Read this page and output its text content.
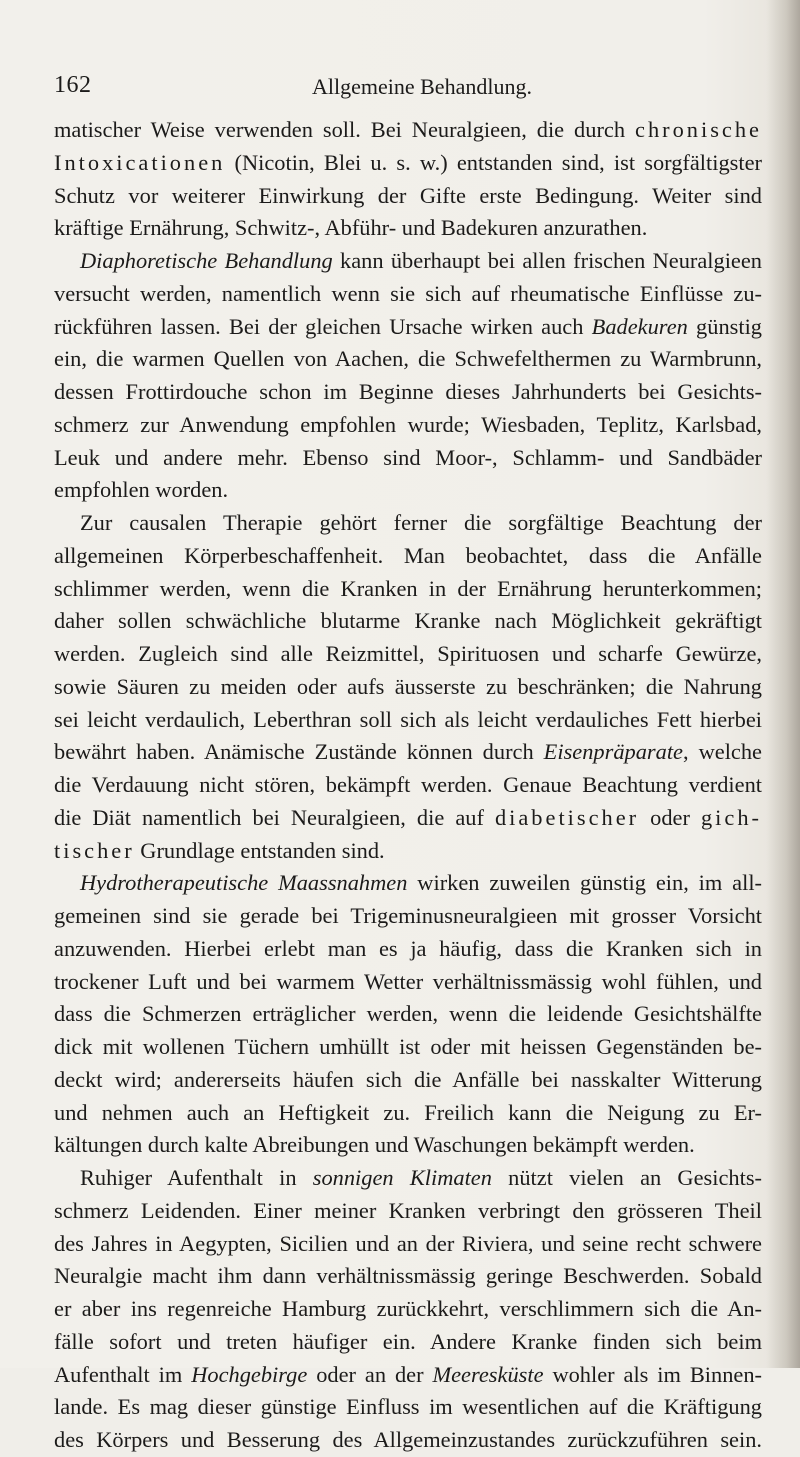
162	Allgemeine Behandlung.
matischer Weise verwenden soll. Bei Neuralgieen, die durch chronische
Intoxicationen (Nicotin, Blei u. s. w.) entstanden sind, ist sorgfältigster
Schutz vor weiterer Einwirkung der Gifte erste Bedingung. Weiter sind
kräftige Ernährung, Schwitz-, Abführ- und Badekuren anzurathen.
Diaphoretische Behandlung kann überhaupt bei allen frischen Neuralgieen
versucht werden, namentlich wenn sie sich auf rheumatische Einflüsse zu-
rückführen lassen. Bei der gleichen Ursache wirken auch Badekuren günstig
ein, die warmen Quellen von Aachen, die Schwefelthermen zu Warmbrunn,
dessen Frottirdouche schon im Beginne dieses Jahrhunderts bei Gesichts-
schmerz zur Anwendung empfohlen wurde; Wiesbaden, Teplitz, Karlsbad,
Leuk und andere mehr. Ebenso sind Moor-, Schlamm- und Sandbäder
empfohlen worden.
Zur causalen Therapie gehört ferner die sorgfältige Beachtung der
allgemeinen Körperbeschaffenheit. Man beobachtet, dass die Anfälle
schlimmer werden, wenn die Kranken in der Ernährung herunterkommen;
daher sollen schwächliche blutarme Kranke nach Möglichkeit gekräftigt
werden. Zugleich sind alle Reizmittel, Spirituosen und scharfe Gewürze,
sowie Säuren zu meiden oder aufs äusserste zu beschränken; die Nahrung
sei leicht verdaulich, Leberthran soll sich als leicht verdauliches Fett hierbei
bewährt haben. Anämische Zustände können durch Eisenpräparate, welche
die Verdauung nicht stören, bekämpft werden. Genaue Beachtung verdient
die Diät namentlich bei Neuralgieen, die auf diabetischer oder gich-
tischer Grundlage entstanden sind.
Hydrotherapeutische Maassnahmen wirken zuweilen günstig ein, im all-
gemeinen sind sie gerade bei Trigeminusneuralgieen mit grosser Vorsicht
anzuwenden. Hierbei erlebt man es ja häufig, dass die Kranken sich in
trockener Luft und bei warmem Wetter verhältnissmässig wohl fühlen, und
dass die Schmerzen erträglicher werden, wenn die leidende Gesichtshälfte
dick mit wollenen Tüchern umhüllt ist oder mit heissen Gegenständen be-
deckt wird; andererseits häufen sich die Anfälle bei nasskalter Witterung
und nehmen auch an Heftigkeit zu. Freilich kann die Neigung zu Er-
kältungen durch kalte Abreibungen und Waschungen bekämpft werden.
Ruhiger Aufenthalt in sonnigen Klimaten nützt vielen an Gesichts-
schmerz Leidenden. Einer meiner Kranken verbringt den grösseren Theil
des Jahres in Aegypten, Sicilien und an der Riviera, und seine recht schwere
Neuralgie macht ihm dann verhältnissmässig geringe Beschwerden. Sobald
er aber ins regenreiche Hamburg zurückkehrt, verschlimmern sich die An-
fälle sofort und treten häufiger ein. Andere Kranke finden sich beim
Aufenthalt im Hochgebirge oder an der Meeresküste wohler als im Binnen-
lande. Es mag dieser günstige Einfluss im wesentlichen auf die Kräftigung
des Körpers und Besserung des Allgemeinzustandes zurückzuführen sein.
